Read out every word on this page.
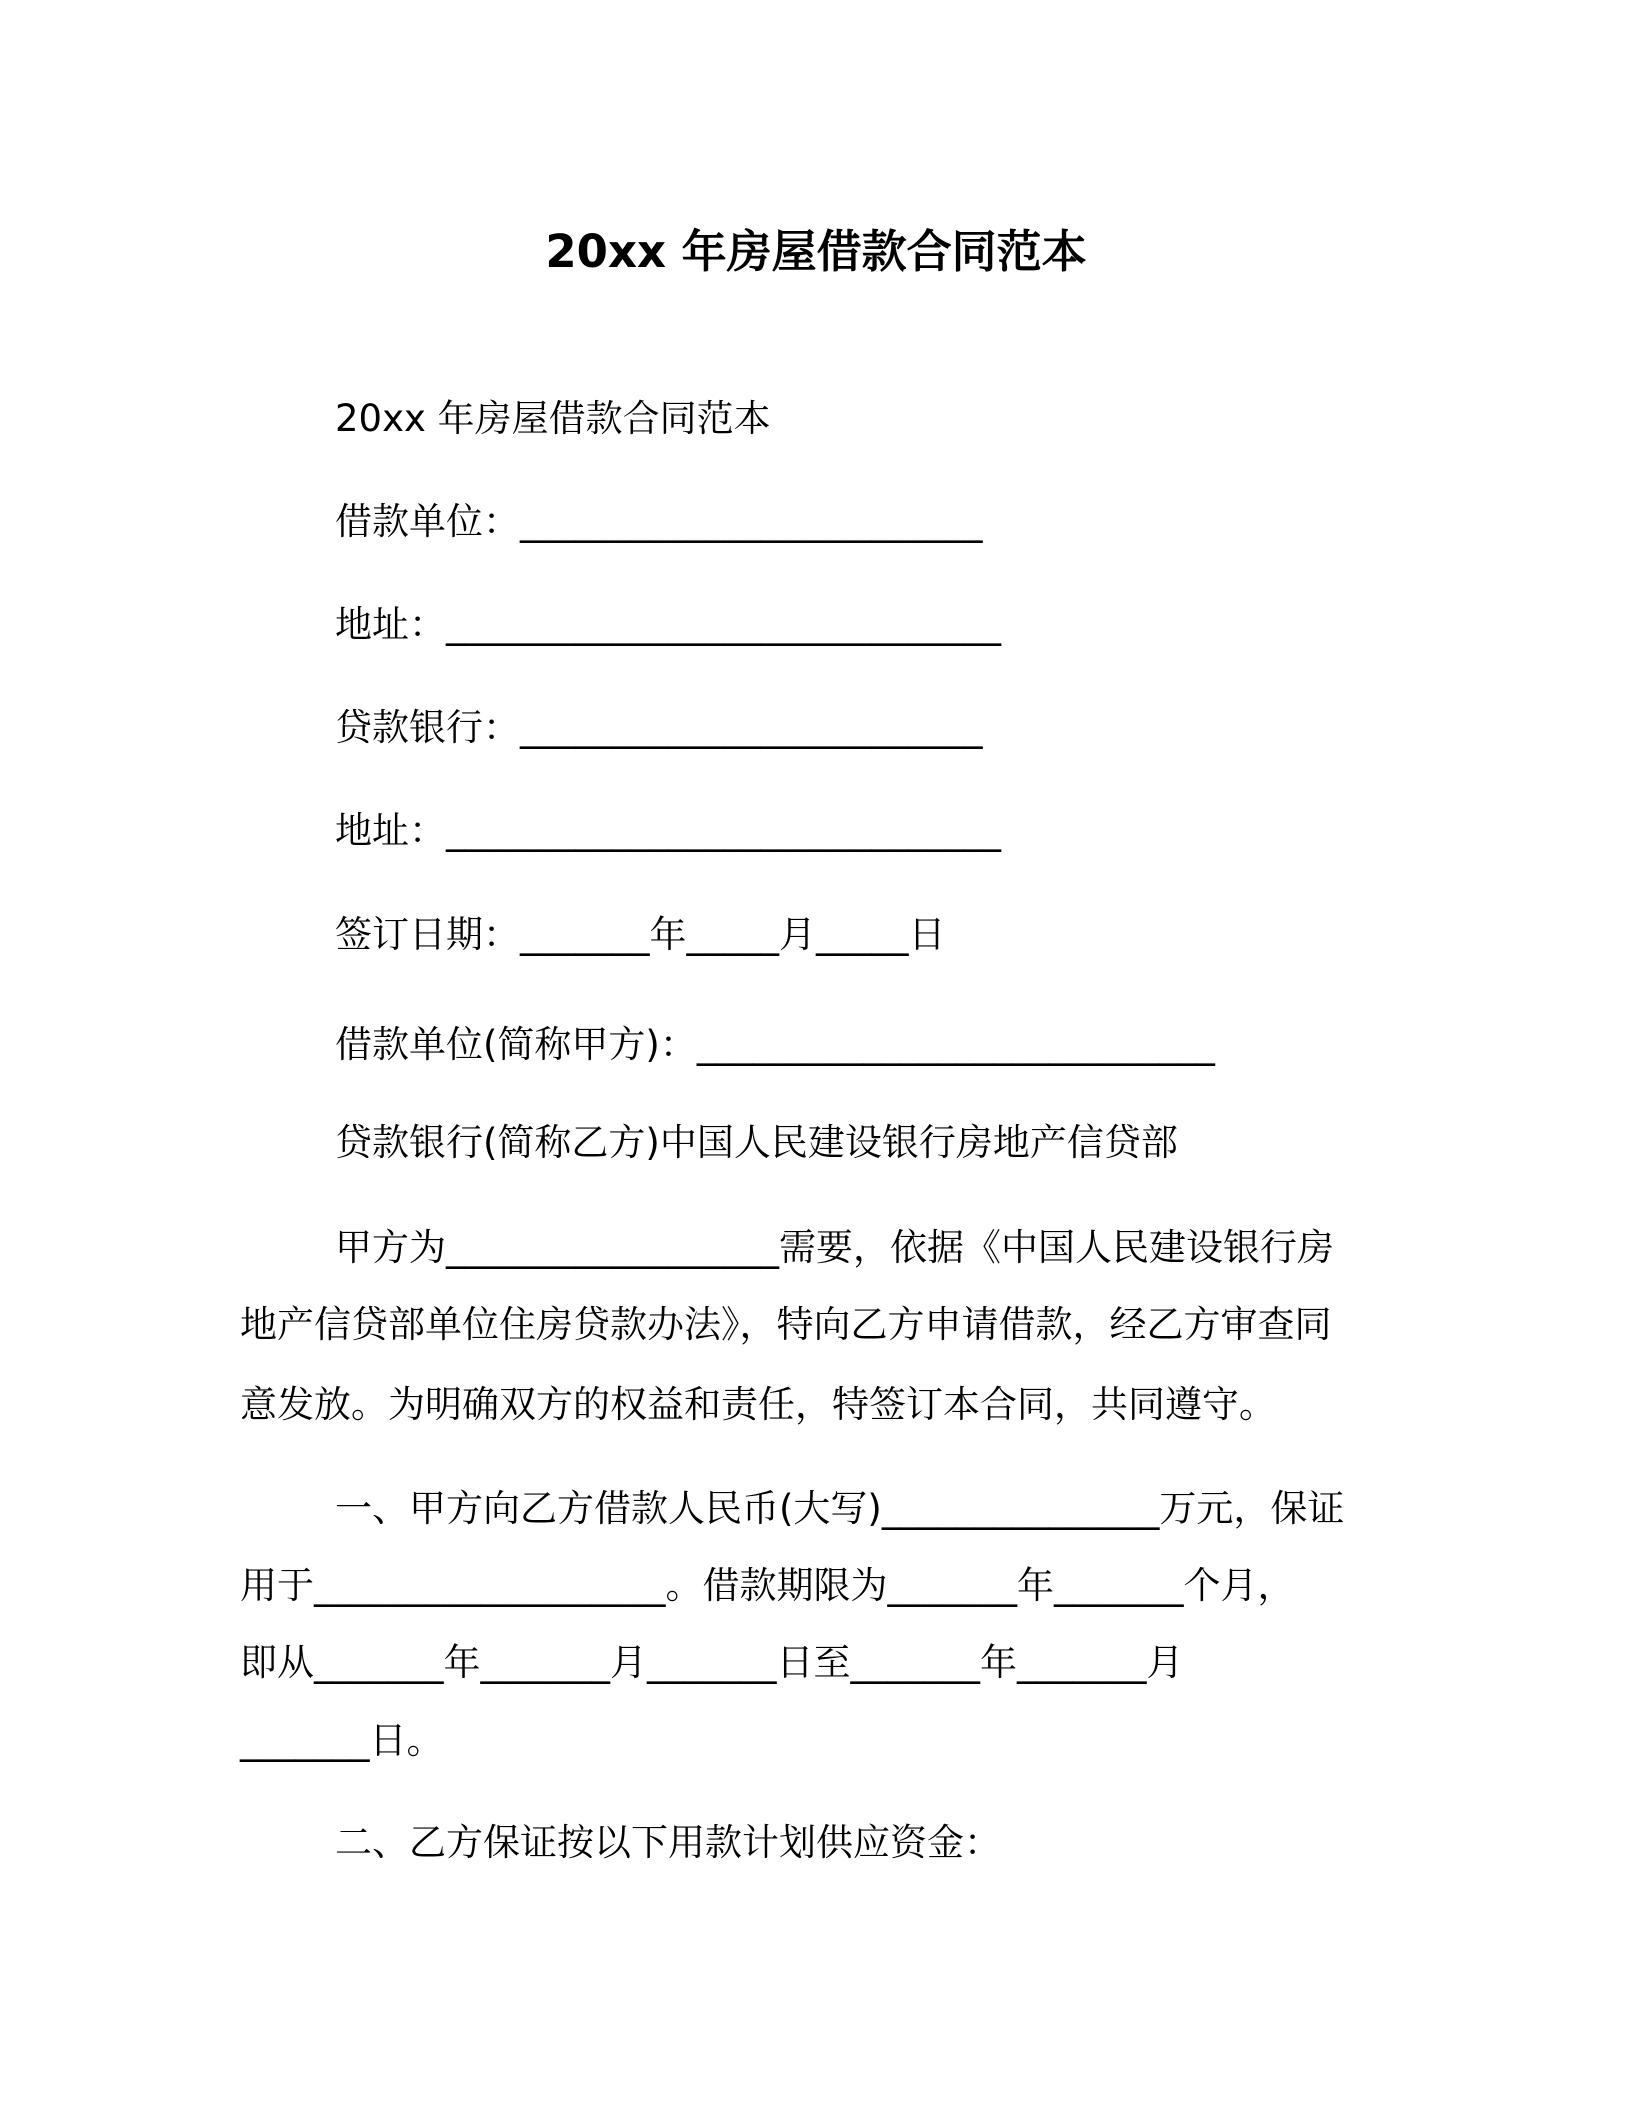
20xx 年房屋借款合同范本
20xx 年房屋借款合同范本
借款单位：_________________________
地址：______________________________
贷款银行：_________________________
地址：______________________________
签订日期：_______年_____月_____日
借款单位(简称甲方)：____________________________
贷款银行(简称乙方)中国人民建设银行房地产信贷部
甲方为__________________需要，依据《中国人民建设银行房
地产信贷部单位住房贷款办法》，特向乙方申请借款，经乙方审查同
意发放。为明确双方的权益和责任，特签订本合同，共同遵守。
一、甲方向乙方借款人民币(大写)_______________万元，保证
用于___________________。借款期限为_______年_______个月，
即从_______年_______月_______日至_______年_______月
_______日。
二、乙方保证按以下用款计划供应资金：
